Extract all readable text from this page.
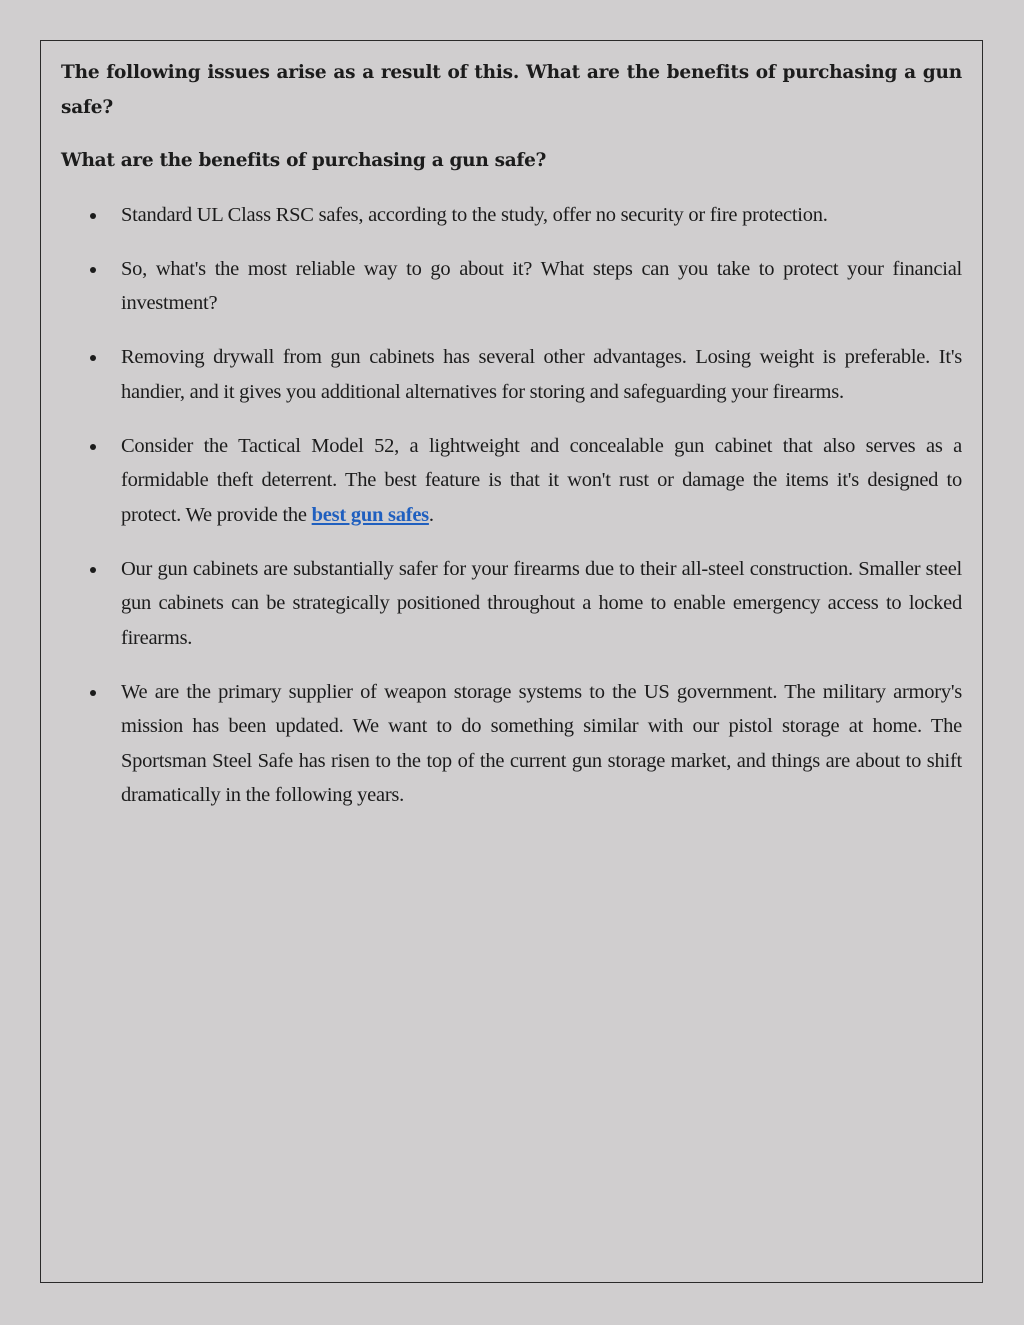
The following issues arise as a result of this. What are the benefits of purchasing a gun safe?

What are the benefits of purchasing a gun safe?

Standard UL Class RSC safes, according to the study, offer no security or fire protection.
So, what's the most reliable way to go about it? What steps can you take to protect your financial investment?
Removing drywall from gun cabinets has several other advantages. Losing weight is preferable. It's handier, and it gives you additional alternatives for storing and safeguarding your firearms.
Consider the Tactical Model 52, a lightweight and concealable gun cabinet that also serves as a formidable theft deterrent. The best feature is that it won't rust or damage the items it's designed to protect. We provide the best gun safes.
Our gun cabinets are substantially safer for your firearms due to their all-steel construction. Smaller steel gun cabinets can be strategically positioned throughout a home to enable emergency access to locked firearms.
We are the primary supplier of weapon storage systems to the US government. The military armory's mission has been updated. We want to do something similar with our pistol storage at home. The Sportsman Steel Safe has risen to the top of the current gun storage market, and things are about to shift dramatically in the following years.
